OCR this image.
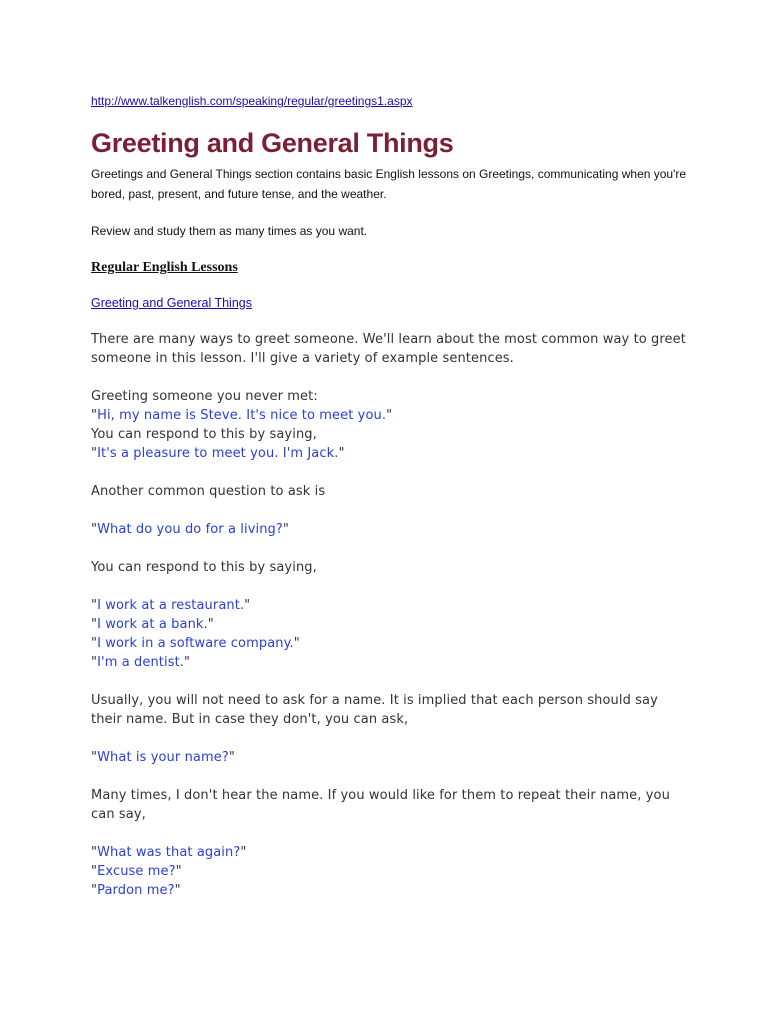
http://www.talkenglish.com/speaking/regular/greetings1.aspx
Greeting and General Things
Greetings and General Things section contains basic English lessons on Greetings, communicating when you're bored, past, present, and future tense, and the weather.
Review and study them as many times as you want.
Regular English Lessons
Greeting and General Things
There are many ways to greet someone. We'll learn about the most common way to greet someone in this lesson. I'll give a variety of example sentences.
Greeting someone you never met:
"Hi, my name is Steve. It's nice to meet you."
You can respond to this by saying,
"It's a pleasure to meet you. I'm Jack."
Another common question to ask is
"What do you do for a living?"
You can respond to this by saying,
"I work at a restaurant."
"I work at a bank."
"I work in a software company."
"I'm a dentist."
Usually, you will not need to ask for a name. It is implied that each person should say their name. But in case they don't, you can ask,
"What is your name?"
Many times, I don't hear the name. If you would like for them to repeat their name, you can say,
"What was that again?"
"Excuse me?"
"Pardon me?"
